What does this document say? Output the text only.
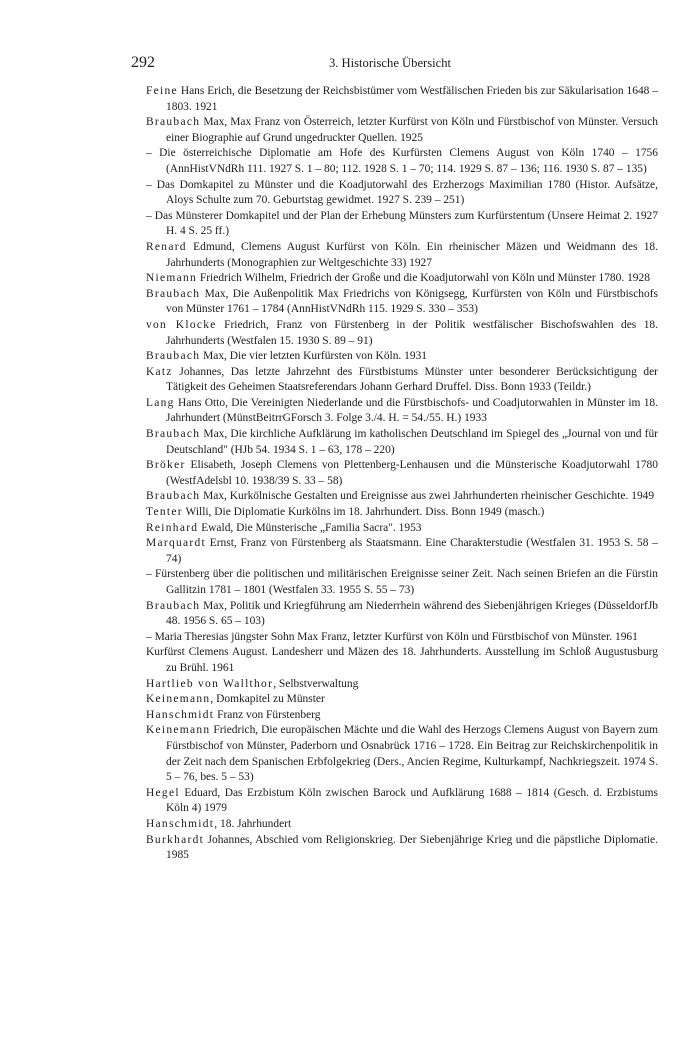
292	3. Historische Übersicht
Feine Hans Erich, die Besetzung der Reichsbistümer vom Westfälischen Frieden bis zur Säkularisation 1648 – 1803. 1921
Braubach Max, Max Franz von Österreich, letzter Kurfürst von Köln und Fürstbischof von Münster. Versuch einer Biographie auf Grund ungedruckter Quellen. 1925
– Die österreichische Diplomatie am Hofe des Kurfürsten Clemens August von Köln 1740 – 1756 (AnnHistVNdRh 111. 1927 S. 1 – 80; 112. 1928 S. 1 – 70; 114. 1929 S. 87 – 136; 116. 1930 S. 87 – 135)
– Das Domkapitel zu Münster und die Koadjutorwahl des Erzherzogs Maximilian 1780 (Histor. Aufsätze, Aloys Schulte zum 70. Geburtstag gewidmet. 1927 S. 239 – 251)
– Das Münsterer Domkapitel und der Plan der Erhebung Münsters zum Kurfürstentum (Unsere Heimat 2. 1927 H. 4 S. 25 ff.)
Renard Edmund, Clemens August Kurfürst von Köln. Ein rheinischer Mäzen und Weidmann des 18. Jahrhunderts (Monographien zur Weltgeschichte 33) 1927
Niemann Friedrich Wilhelm, Friedrich der Große und die Koadjutorwahl von Köln und Münster 1780. 1928
Braubach Max, Die Außenpolitik Max Friedrichs von Königsegg, Kurfürsten von Köln und Fürstbischofs von Münster 1761 – 1784 (AnnHistVNdRh 115. 1929 S. 330 – 353)
von Klocke Friedrich, Franz von Fürstenberg in der Politik westfälischer Bischofswahlen des 18. Jahrhunderts (Westfalen 15. 1930 S. 89 – 91)
Braubach Max, Die vier letzten Kurfürsten von Köln. 1931
Katz Johannes, Das letzte Jahrzehnt des Fürstbistums Münster unter besonderer Berücksichtigung der Tätigkeit des Geheimen Staatsreferendars Johann Gerhard Druffel. Diss. Bonn 1933 (Teildr.)
Lang Hans Otto, Die Vereinigten Niederlande und die Fürstbischofs- und Coadjutorwahlen in Münster im 18. Jahrhundert (MünstBeitrrGForsch 3. Folge 3./4. H. = 54./55. H.) 1933
Braubach Max, Die kirchliche Aufklärung im katholischen Deutschland im Spiegel des „Journal von und für Deutschland" (HJb 54. 1934 S. 1 – 63, 178 – 220)
Bröker Elisabeth, Joseph Clemens von Plettenberg-Lenhausen und die Münsterische Koadjutorwahl 1780 (WestfAdelsbl 10. 1938/39 S. 33 – 58)
Braubach Max, Kurkölnische Gestalten und Ereignisse aus zwei Jahrhunderten rheinischer Geschichte. 1949
Tenter Willi, Die Diplomatie Kurkölns im 18. Jahrhundert. Diss. Bonn 1949 (masch.)
Reinhard Ewald, Die Münsterische „Familia Sacra". 1953
Marquardt Ernst, Franz von Fürstenberg als Staatsmann. Eine Charakterstudie (Westfalen 31. 1953 S. 58 – 74)
– Fürstenberg über die politischen und militärischen Ereignisse seiner Zeit. Nach seinen Briefen an die Fürstin Gallitzin 1781 – 1801 (Westfalen 33. 1955 S. 55 – 73)
Braubach Max, Politik und Kriegführung am Niederrhein während des Siebenjährigen Krieges (DüsseldorfJb 48. 1956 S. 65 – 103)
– Maria Theresias jüngster Sohn Max Franz, letzter Kurfürst von Köln und Fürstbischof von Münster. 1961
Kurfürst Clemens August. Landesherr und Mäzen des 18. Jahrhunderts. Ausstellung im Schloß Augustusburg zu Brühl. 1961
Hartlieb von Wallthor, Selbstverwaltung
Keinemann, Domkapitel zu Münster
Hanschmidt Franz von Fürstenberg
Keinemann Friedrich, Die europäischen Mächte und die Wahl des Herzogs Clemens August von Bayern zum Fürstbischof von Münster, Paderborn und Osnabrück 1716 – 1728. Ein Beitrag zur Reichskirchenpolitik in der Zeit nach dem Spanischen Erbfolgekrieg (Ders., Ancien Regime, Kulturkampf, Nachkriegszeit. 1974 S. 5 – 76, bes. 5 – 53)
Hegel Eduard, Das Erzbistum Köln zwischen Barock und Aufklärung 1688 – 1814 (Gesch. d. Erzbistums Köln 4) 1979
Hanschmidt, 18. Jahrhundert
Burkhardt Johannes, Abschied vom Religionskrieg. Der Siebenjährige Krieg und die päpstliche Diplomatie. 1985
